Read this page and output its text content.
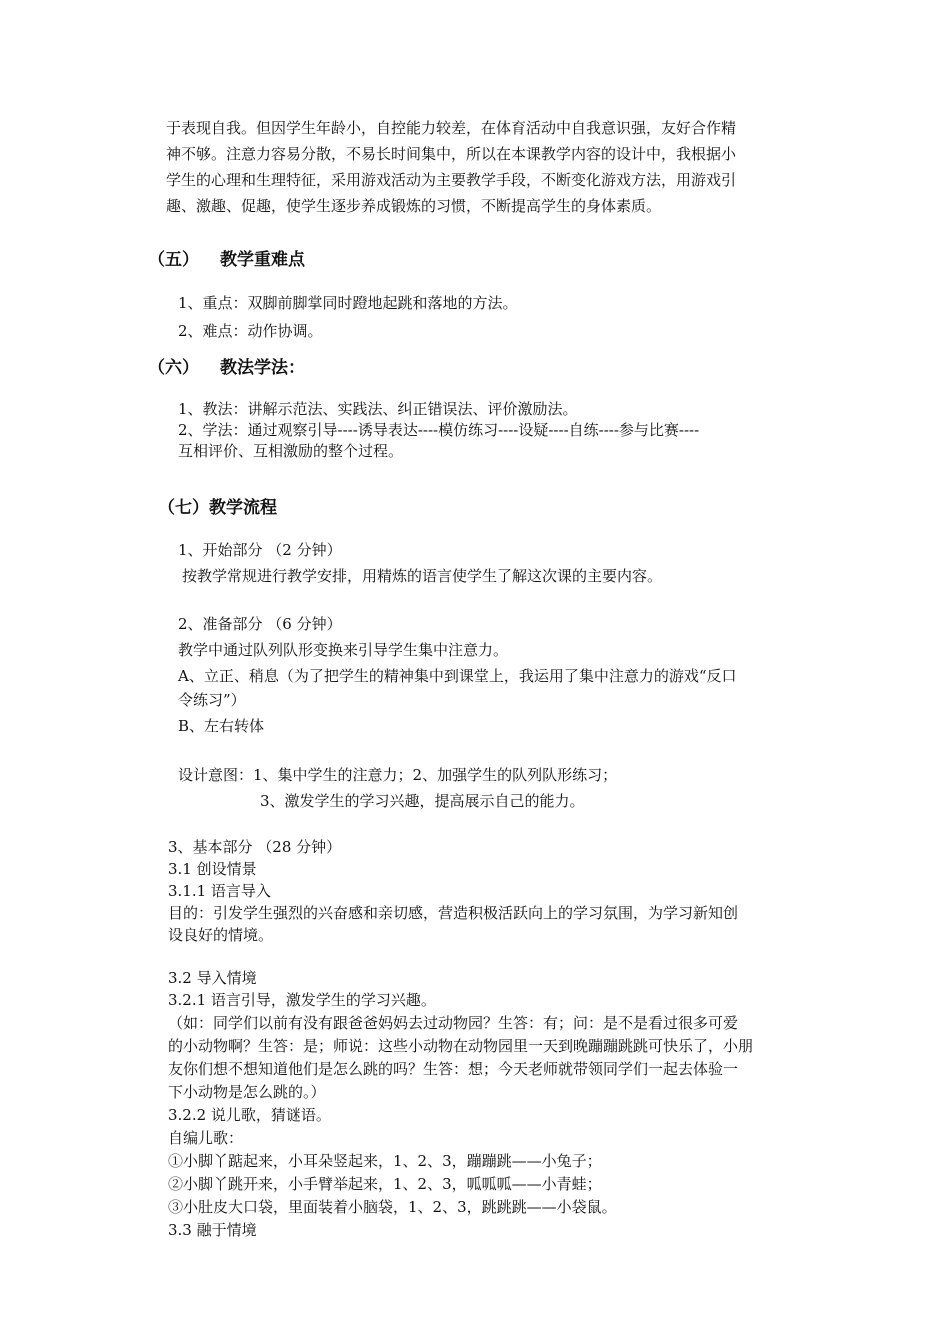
于表现自我。但因学生年龄小，自控能力较差，在体育活动中自我意识强，友好合作精
神不够。注意力容易分散，不易长时间集中，所以在本课教学内容的设计中，我根据小
学生的心理和生理特征，采用游戏活动为主要教学手段，不断变化游戏方法，用游戏引
趣、激趣、促趣，使学生逐步养成锻炼的习惯，不断提高学生的身体素质。
（五） 教学重难点
1、重点：双脚前脚掌同时蹬地起跳和落地的方法。
2、难点：动作协调。
（六） 教法学法：
1、教法：讲解示范法、实践法、纠正错误法、评价激励法。
2、学法：通过观察引导----诱导表达----模仿练习----设疑----自练----参与比赛----
互相评价、互相激励的整个过程。
（七）教学流程
1、开始部分 （2 分钟）
按教学常规进行教学安排，用精炼的语言使学生了解这次课的主要内容。
2、准备部分 （6 分钟）
教学中通过队列队形变换来引导学生集中注意力。
A、立正、稍息（为了把学生的精神集中到课堂上，我运用了集中注意力的游戏“反口
令练习”）
B、左右转体
设计意图：1、集中学生的注意力；2、加强学生的队列队形练习；
3、激发学生的学习兴趣，提高展示自己的能力。
3、基本部分 （28 分钟）
3.1 创设情景
3.1.1 语言导入
目的：引发学生强烈的兴奋感和亲切感，营造积极活跃向上的学习氛围，为学习新知创
设良好的情境。
3.2 导入情境
3.2.1 语言引导，激发学生的学习兴趣。
（如：同学们以前有没有跟爸爸妈妈去过动物园？生答：有；问：是不是看过很多可爱
的小动物啊？生答：是；师说：这些小动物在动物园里一天到晚蹦蹦跳跳可快乐了，小朋
友你们想不想知道他们是怎么跳的吗？生答：想；今天老师就带领同学们一起去体验一
下小动物是怎么跳的。）
3.2.2 说儿歌，猜谜语。
自编儿歌：
①小脚丫踮起来，小耳朵竖起来，1、2、3，蹦蹦跳——小兔子；
②小脚丫跳开来，小手臂举起来，1、2、3，呱呱呱——小青蛙；
③小肚皮大口袋，里面装着小脑袋，1、2、3，跳跳跳——小袋鼠。
3.3 融于情境
